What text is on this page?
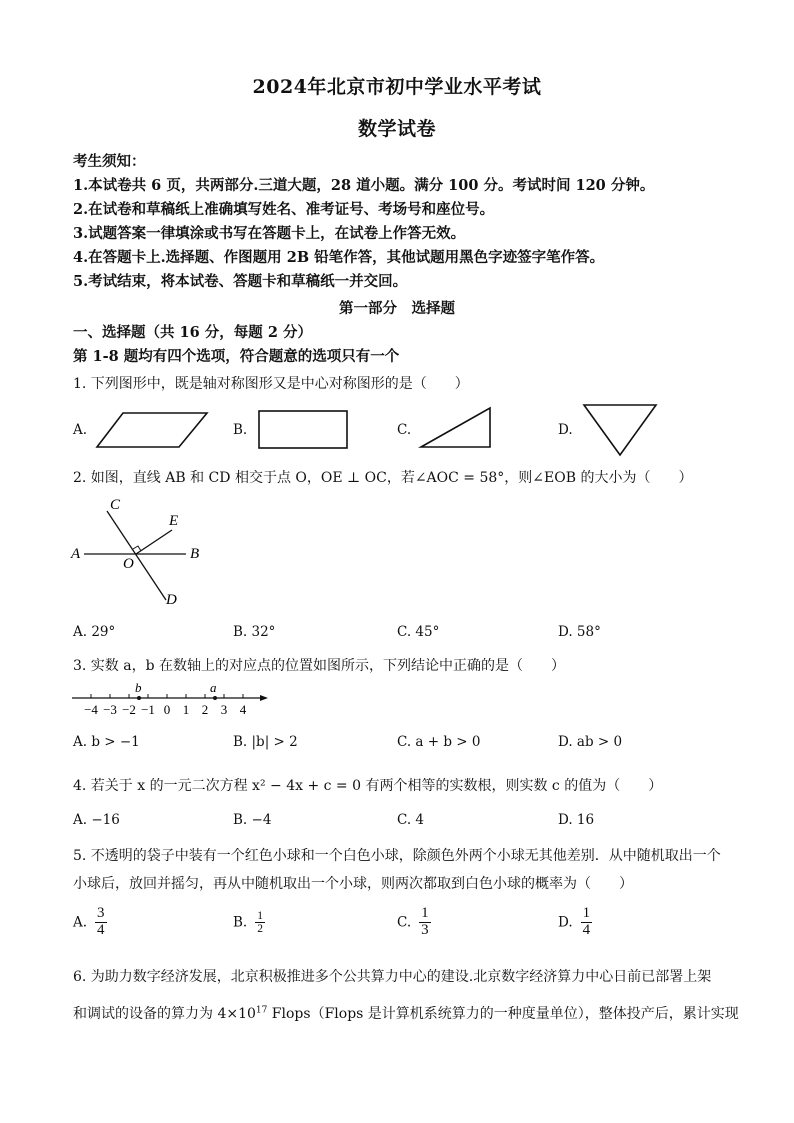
2024年北京市初中学业水平考试
数学试卷
考生须知：
1.本试卷共 6 页，共两部分.三道大题，28 道小题。满分 100 分。考试时间 120 分钟。
2.在试卷和草稿纸上准确填写姓名、准考证号、考场号和座位号。
3.试题答案一律填涂或书写在答题卡上，在试卷上作答无效。
4.在答题卡上.选择题、作图题用 2B 铅笔作答，其他试题用黑色字迹签字笔作答。
5.考试结束，将本试卷、答题卡和草稿纸一并交回。
第一部分　选择题
一、选择题（共 16 分，每题 2 分）
第 1-8 题均有四个选项，符合题意的选项只有一个
1. 下列图形中，既是轴对称图形又是中心对称图形的是（　　）
A.	B.	C.	D.
2. 如图，直线 AB 和 CD 相交于点 O，OE ⊥ OC，若∠AOC = 58°，则∠EOB 的大小为（　　）
A	B
C
D
E
O
A. 29°	B. 32°	C. 45°	D. 58°
3. 实数 a，b 在数轴上的对应点的位置如图所示，下列结论中正确的是（　　）
−4 −3 −2 −1 0 1 2 3 4
b	a
A. b > −1	B. |b| > 2	C. a + b > 0	D. ab > 0
4. 若关于 x 的一元二次方程 x² − 4x + c = 0 有两个相等的实数根，则实数 c 的值为（　　）
A. −16	B. −4	C. 4	D. 16
5. 不透明的袋子中装有一个红色小球和一个白色小球，除颜色外两个小球无其他差别．从中随机取出一个
小球后，放回并摇匀，再从中随机取出一个小球，则两次都取到白色小球的概率为（　　）
A. $\frac{3}{4}$	B. $\frac{1}{2}$	C. $\frac{1}{3}$	D. $\frac{1}{4}$
6. 为助力数字经济发展，北京积极推进多个公共算力中心的建设.北京数字经济算力中心日前已部署上架
和调试的设备的算力为 $4\times 10^{17}$ Flops（Flops 是计算机系统算力的一种度量单位），整体投产后，累计实现
